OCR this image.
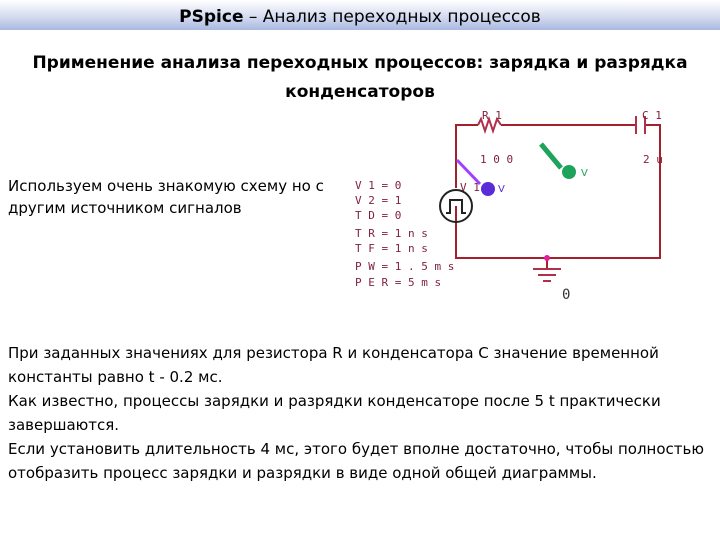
PSpice – Анализ переходных процессов
Применение анализа переходных процессов: зарядка и разрядка конденсаторов
Используем очень знакомую схему но с другим источником сигналов
R 1
1 0 0
C 1
2 u
V 1
V 1 = 0
V 2 = 1
T D = 0
T R = 1 n s
T F = 1 n s
P W = 1 . 5 m s
P E R = 5 m s
0
V
V

При заданных значениях для резистора R и конденсатора C значение временной константы равно t - 0.2 мс.

Как известно, процессы зарядки и разрядки конденсаторе после 5 t практически завершаются.

Если установить длительность 4 мс, этого будет вполне достаточно, чтобы полностью отобразить процесс зарядки и разрядки в виде одной общей диаграммы.
